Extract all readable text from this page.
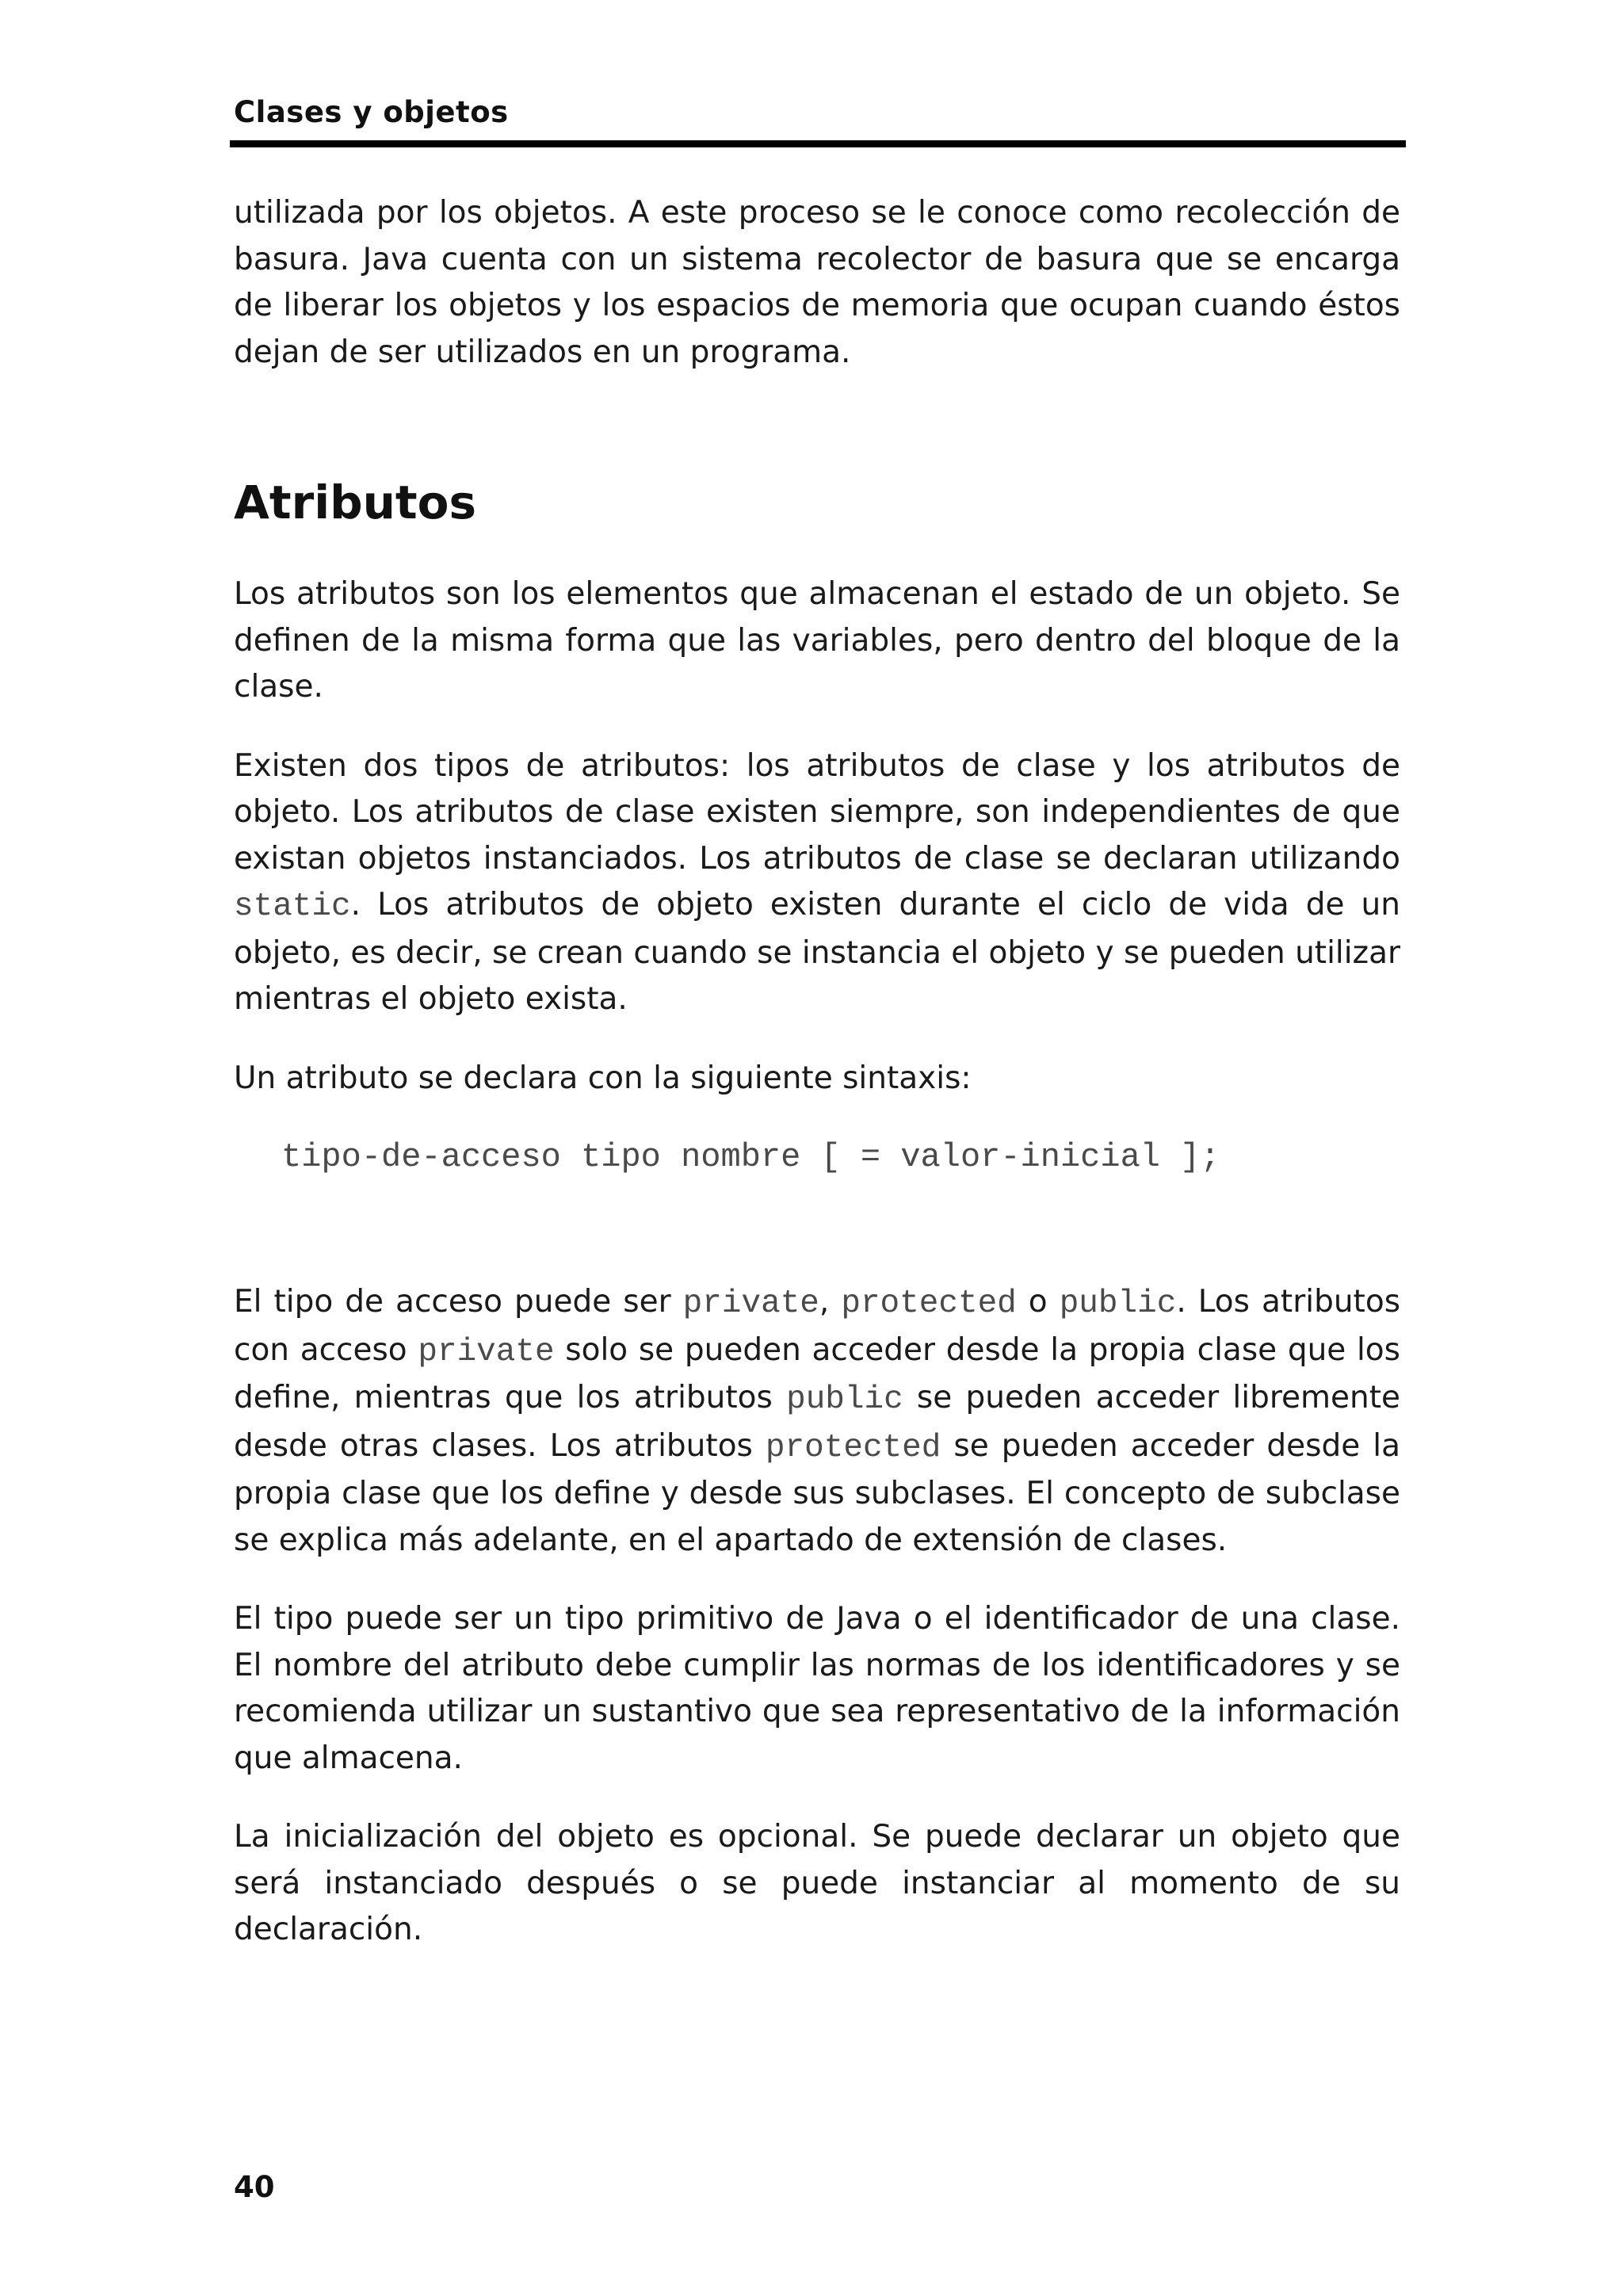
Clases y objetos

utilizada por los objetos. A este proceso se le conoce como recolección de basura. Java cuenta con un sistema recolector de basura que se encarga de liberar los objetos y los espacios de memoria que ocupan cuando éstos dejan de ser utilizados en un programa.

Atributos

Los atributos son los elementos que almacenan el estado de un objeto. Se definen de la misma forma que las variables, pero dentro del bloque de la clase.

Existen dos tipos de atributos: los atributos de clase y los atributos de objeto. Los atributos de clase existen siempre, son independientes de que existan objetos instanciados. Los atributos de clase se declaran utilizando static. Los atributos de objeto existen durante el ciclo de vida de un objeto, es decir, se crean cuando se instancia el objeto y se pueden utilizar mientras el objeto exista.

Un atributo se declara con la siguiente sintaxis:

tipo-de-acceso tipo nombre [ = valor-inicial ];

El tipo de acceso puede ser private, protected o public. Los atributos con acceso private solo se pueden acceder desde la propia clase que los define, mientras que los atributos public se pueden acceder libremente desde otras clases. Los atributos protected se pueden acceder desde la propia clase que los define y desde sus subclases. El concepto de subclase se explica más adelante, en el apartado de extensión de clases.

El tipo puede ser un tipo primitivo de Java o el identificador de una clase. El nombre del atributo debe cumplir las normas de los identificadores y se recomienda utilizar un sustantivo que sea representativo de la información que almacena.

La inicialización del objeto es opcional. Se puede declarar un objeto que será instanciado después o se puede instanciar al momento de su declaración.

40
